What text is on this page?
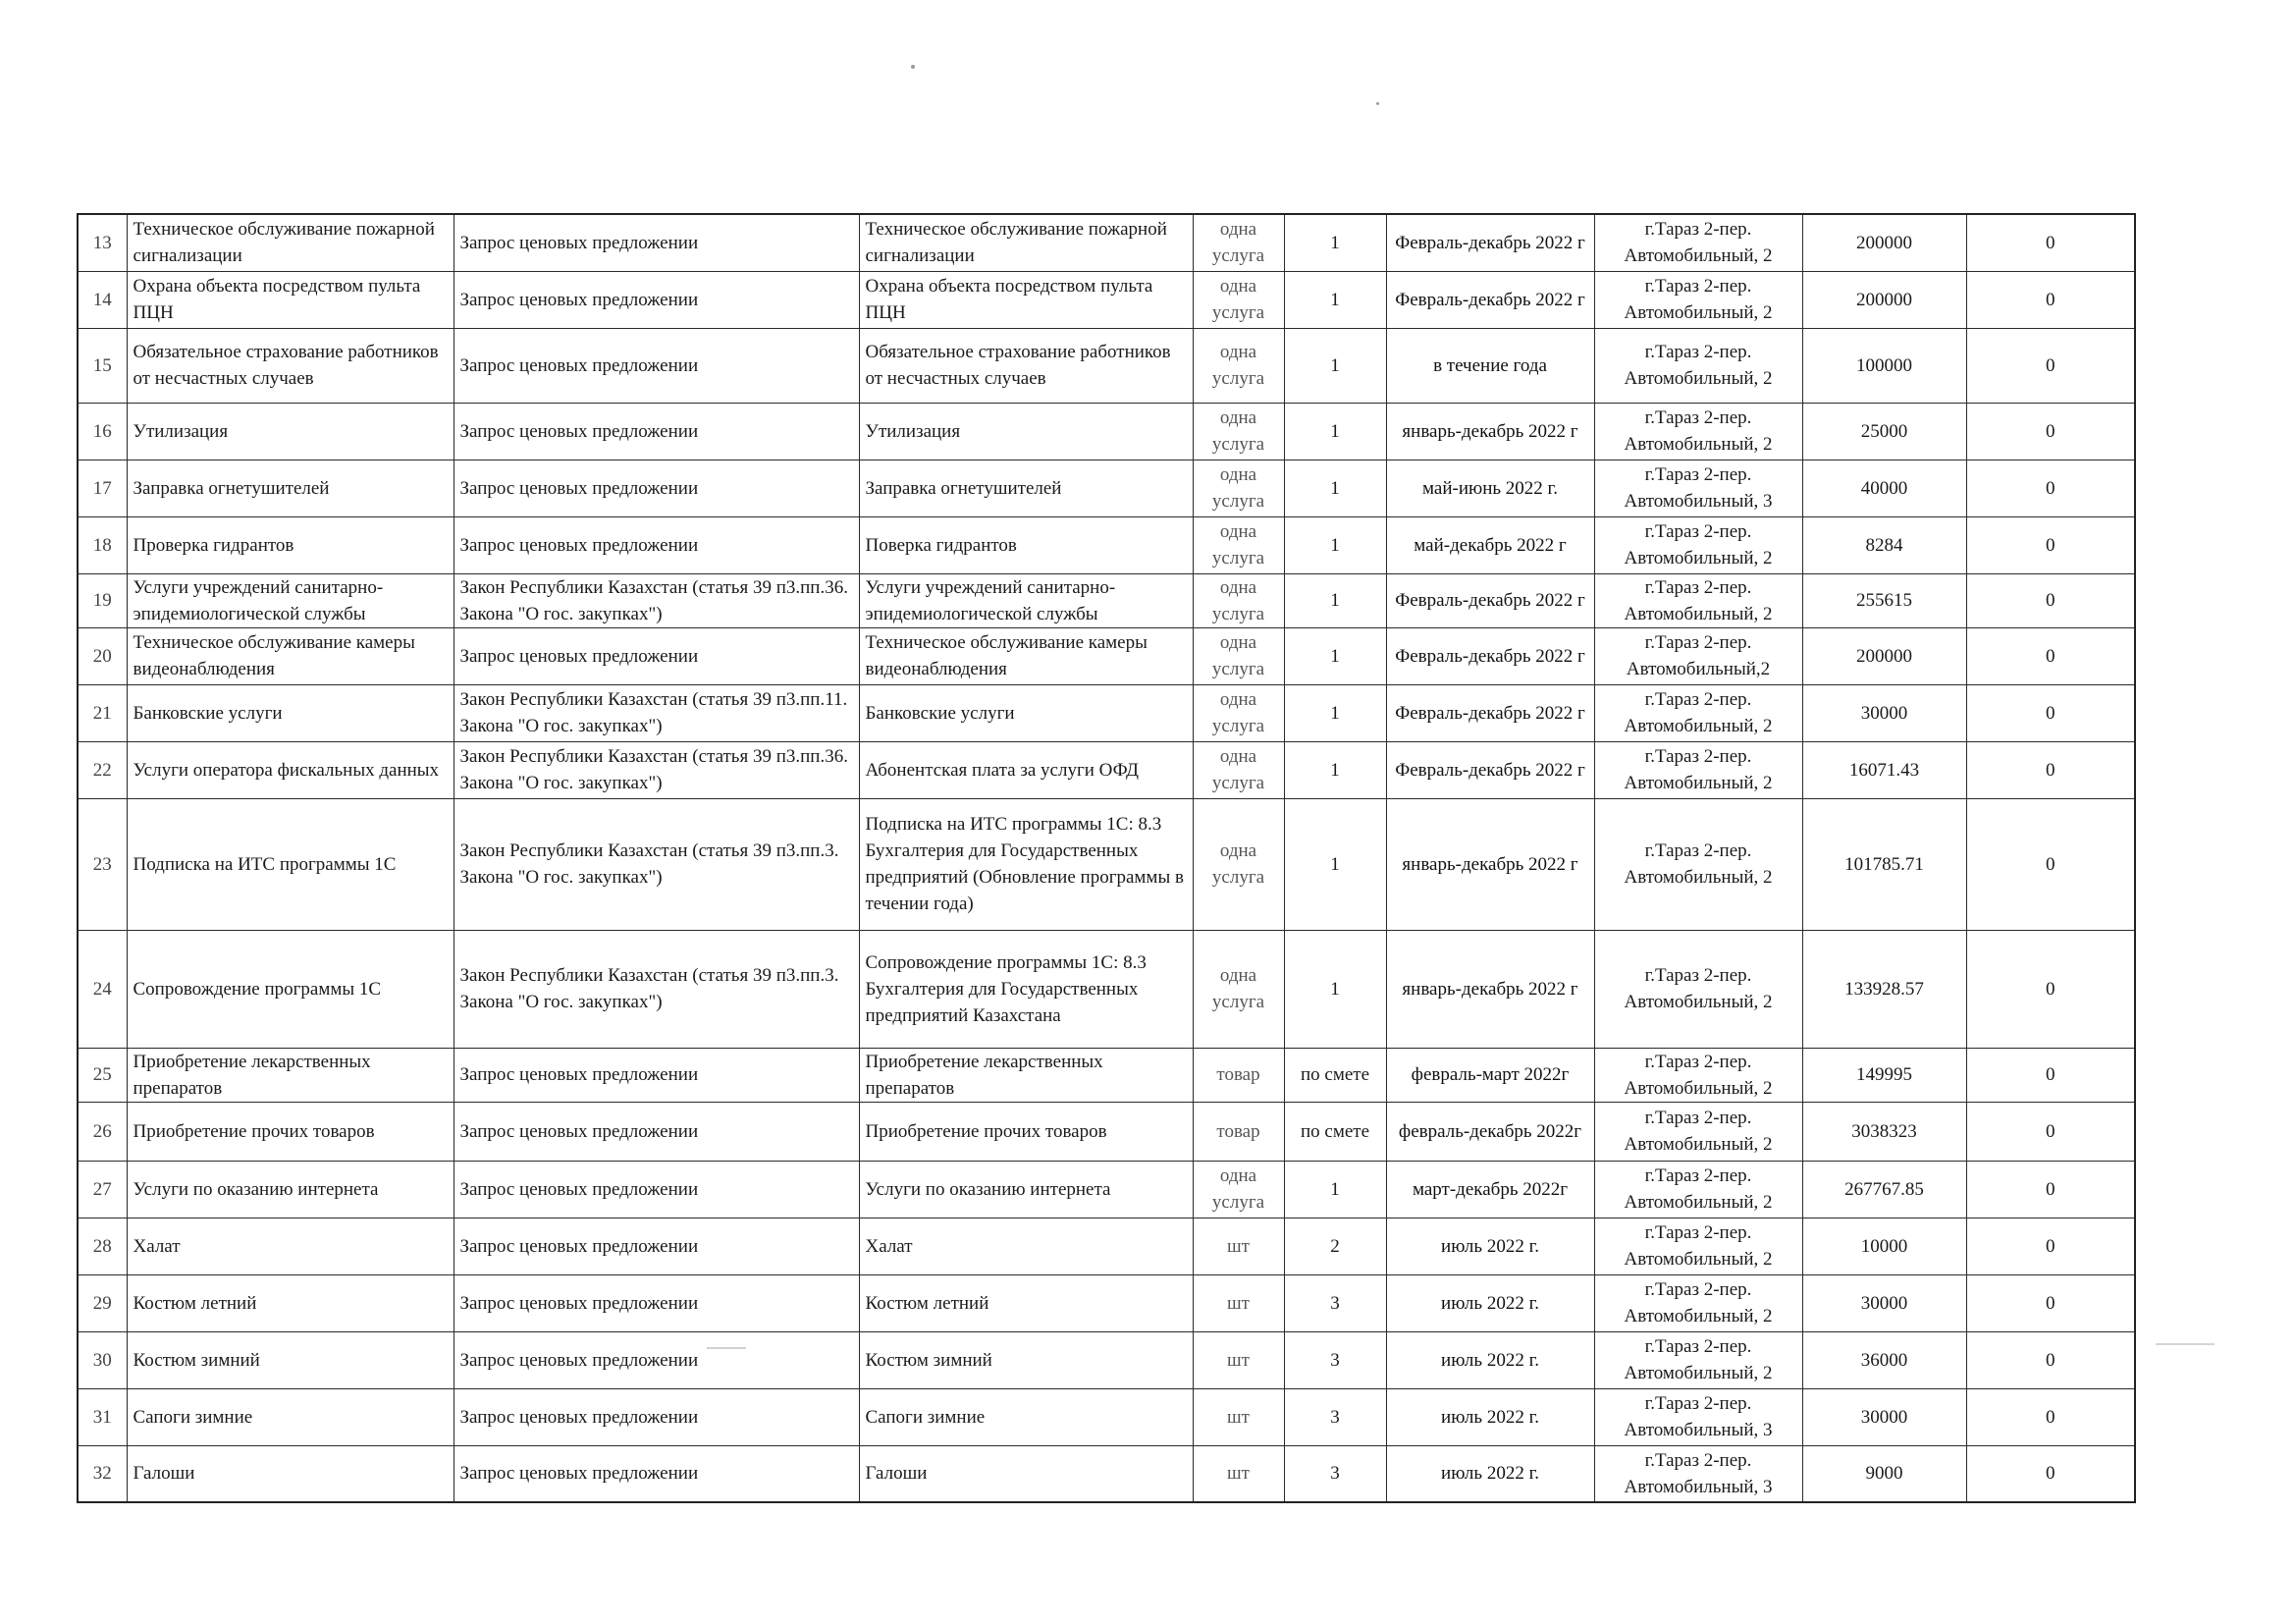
13	Техническое обслуживание пожарной сигнализации	Запрос ценовых предложении	Техническое обслуживание пожарной сигнализации	одна услуга	1	Февраль-декабрь 2022 г	г.Тараз 2-пер. Автомобильный, 2	200000	0
14	Охрана объекта посредством пульта ПЦН	Запрос ценовых предложении	Охрана объекта посредством пульта ПЦН	одна услуга	1	Февраль-декабрь 2022 г	г.Тараз 2-пер. Автомобильный, 2	200000	0
15	Обязательное страхование работников от несчастных случаев	Запрос ценовых предложении	Обязательное страхование работников от несчастных случаев	одна услуга	1	в течение года	г.Тараз 2-пер. Автомобильный, 2	100000	0
16	Утилизация	Запрос ценовых предложении	Утилизация	одна услуга	1	январь-декабрь 2022 г	г.Тараз 2-пер. Автомобильный, 2	25000	0
17	Заправка огнетушителей	Запрос ценовых предложении	Заправка огнетушителей	одна услуга	1	май-июнь 2022 г.	г.Тараз 2-пер. Автомобильный, 3	40000	0
18	Проверка гидрантов	Запрос ценовых предложении	Поверка гидрантов	одна услуга	1	май-декабрь 2022 г	г.Тараз 2-пер. Автомобильный, 2	8284	0
19	Услуги учреждений санитарно-эпидемиологической службы	Закон Республики Казахстан (статья 39 п3.пп.36. Закона "О гос. закупках")	Услуги учреждений санитарно-эпидемиологической службы	одна услуга	1	Февраль-декабрь 2022 г	г.Тараз 2-пер. Автомобильный, 2	255615	0
20	Техническое обслуживание камеры видеонаблюдения	Запрос ценовых предложении	Техническое обслуживание камеры видеонаблюдения	одна услуга	1	Февраль-декабрь 2022 г	г.Тараз 2-пер. Автомобильный,2	200000	0
21	Банковские услуги	Закон Республики Казахстан (статья 39 п3.пп.11. Закона "О гос. закупках")	Банковские услуги	одна услуга	1	Февраль-декабрь 2022 г	г.Тараз 2-пер. Автомобильный, 2	30000	0
22	Услуги оператора фискальных данных	Закон Республики Казахстан (статья 39 п3.пп.36. Закона "О гос. закупках")	Абонентская плата за услуги ОФД	одна услуга	1	Февраль-декабрь 2022 г	г.Тараз 2-пер. Автомобильный, 2	16071.43	0
23	Подписка на ИТС программы 1С	Закон Республики Казахстан (статья 39 п3.пп.3. Закона "О гос. закупках")	Подписка на ИТС программы 1С: 8.3 Бухгалтерия для Государственных предприятий (Обновление программы в течении года)	одна услуга	1	январь-декабрь 2022 г	г.Тараз 2-пер. Автомобильный, 2	101785.71	0
24	Сопровождение программы 1С	Закон Республики Казахстан (статья 39 п3.пп.3. Закона "О гос. закупках")	Сопровождение программы 1С: 8.3 Бухгалтерия для Государственных предприятий Казахстана	одна услуга	1	январь-декабрь 2022 г	г.Тараз 2-пер. Автомобильный, 2	133928.57	0
25	Приобретение лекарственных препаратов	Запрос ценовых предложении	Приобретение лекарственных препаратов	товар	по смете	февраль-март 2022г	г.Тараз 2-пер. Автомобильный, 2	149995	0
26	Приобретение прочих товаров	Запрос ценовых предложении	Приобретение прочих товаров	товар	по смете	февраль-декабрь 2022г	г.Тараз 2-пер. Автомобильный, 2	3038323	0
27	Услуги по оказанию интернета	Запрос ценовых предложении	Услуги по оказанию интернета	одна услуга	1	март-декабрь 2022г	г.Тараз 2-пер. Автомобильный, 2	267767.85	0
28	Халат	Запрос ценовых предложении	Халат	шт	2	июль 2022 г.	г.Тараз 2-пер. Автомобильный, 2	10000	0
29	Костюм летний	Запрос ценовых предложении	Костюм летний	шт	3	июль 2022 г.	г.Тараз 2-пер. Автомобильный, 2	30000	0
30	Костюм зимний	Запрос ценовых предложении	Костюм зимний	шт	3	июль 2022 г.	г.Тараз 2-пер. Автомобильный, 2	36000	0
31	Сапоги зимние	Запрос ценовых предложении	Сапоги зимние	шт	3	июль 2022 г.	г.Тараз 2-пер. Автомобильный, 3	30000	0
32	Галоши	Запрос ценовых предложении	Галоши	шт	3	июль 2022 г.	г.Тараз 2-пер. Автомобильный, 3	9000	0
